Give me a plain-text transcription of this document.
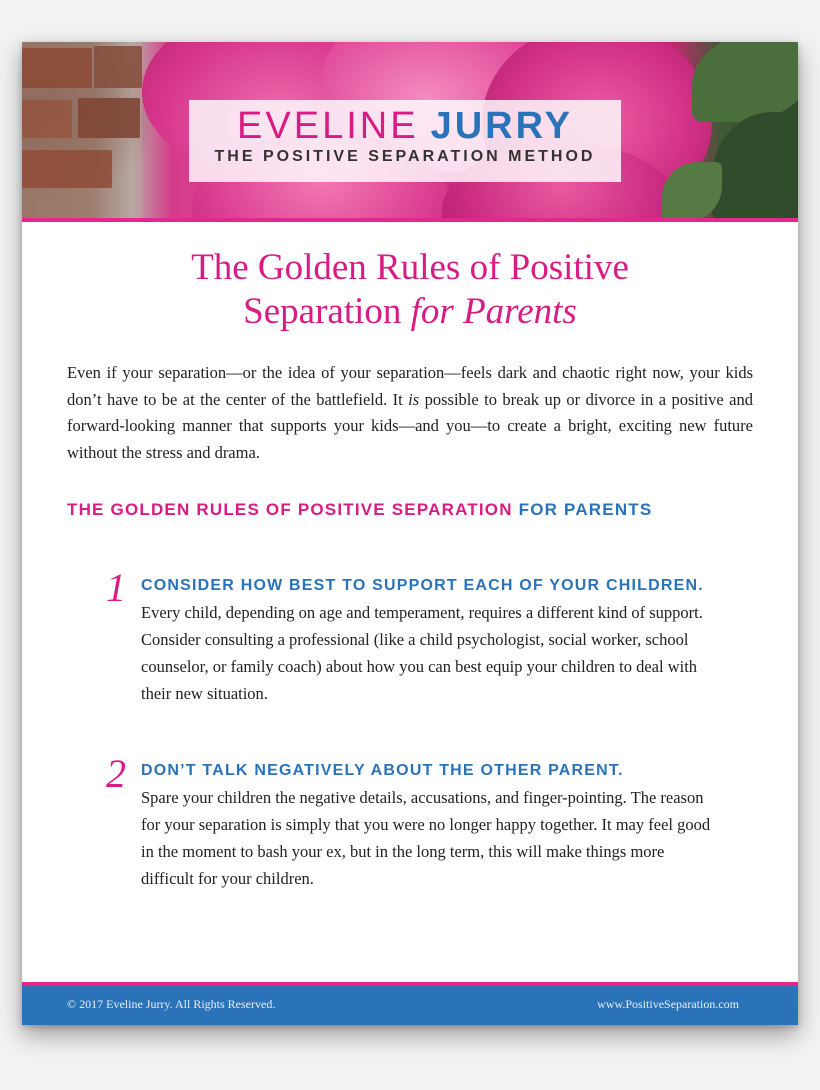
EVELINE JURRY
THE POSITIVE SEPARATION METHOD
The Golden Rules of Positive
Separation for Parents
Even if your separation—or the idea of your separation—feels dark and chaotic right now, your kids don’t have to be at the center of the battlefield. It is possible to break up or divorce in a positive and forward-looking manner that supports your kids—and you—to create a bright, exciting new future without the stress and drama.
THE GOLDEN RULES OF POSITIVE SEPARATION FOR PARENTS
1 CONSIDER HOW BEST TO SUPPORT EACH OF YOUR CHILDREN. Every child, depending on age and temperament, requires a different kind of support. Consider consulting a professional (like a child psychologist, social worker, school counselor, or family coach) about how you can best equip your children to deal with their new situation.
2 DON’T TALK NEGATIVELY ABOUT THE OTHER PARENT.
Spare your children the negative details, accusations, and finger-pointing. The reason for your separation is simply that you were no longer happy together. It may feel good in the moment to bash your ex, but in the long term, this will make things more difficult for your children.
© 2017 Eveline Jurry. All Rights Reserved.	www.PositiveSeparation.com
